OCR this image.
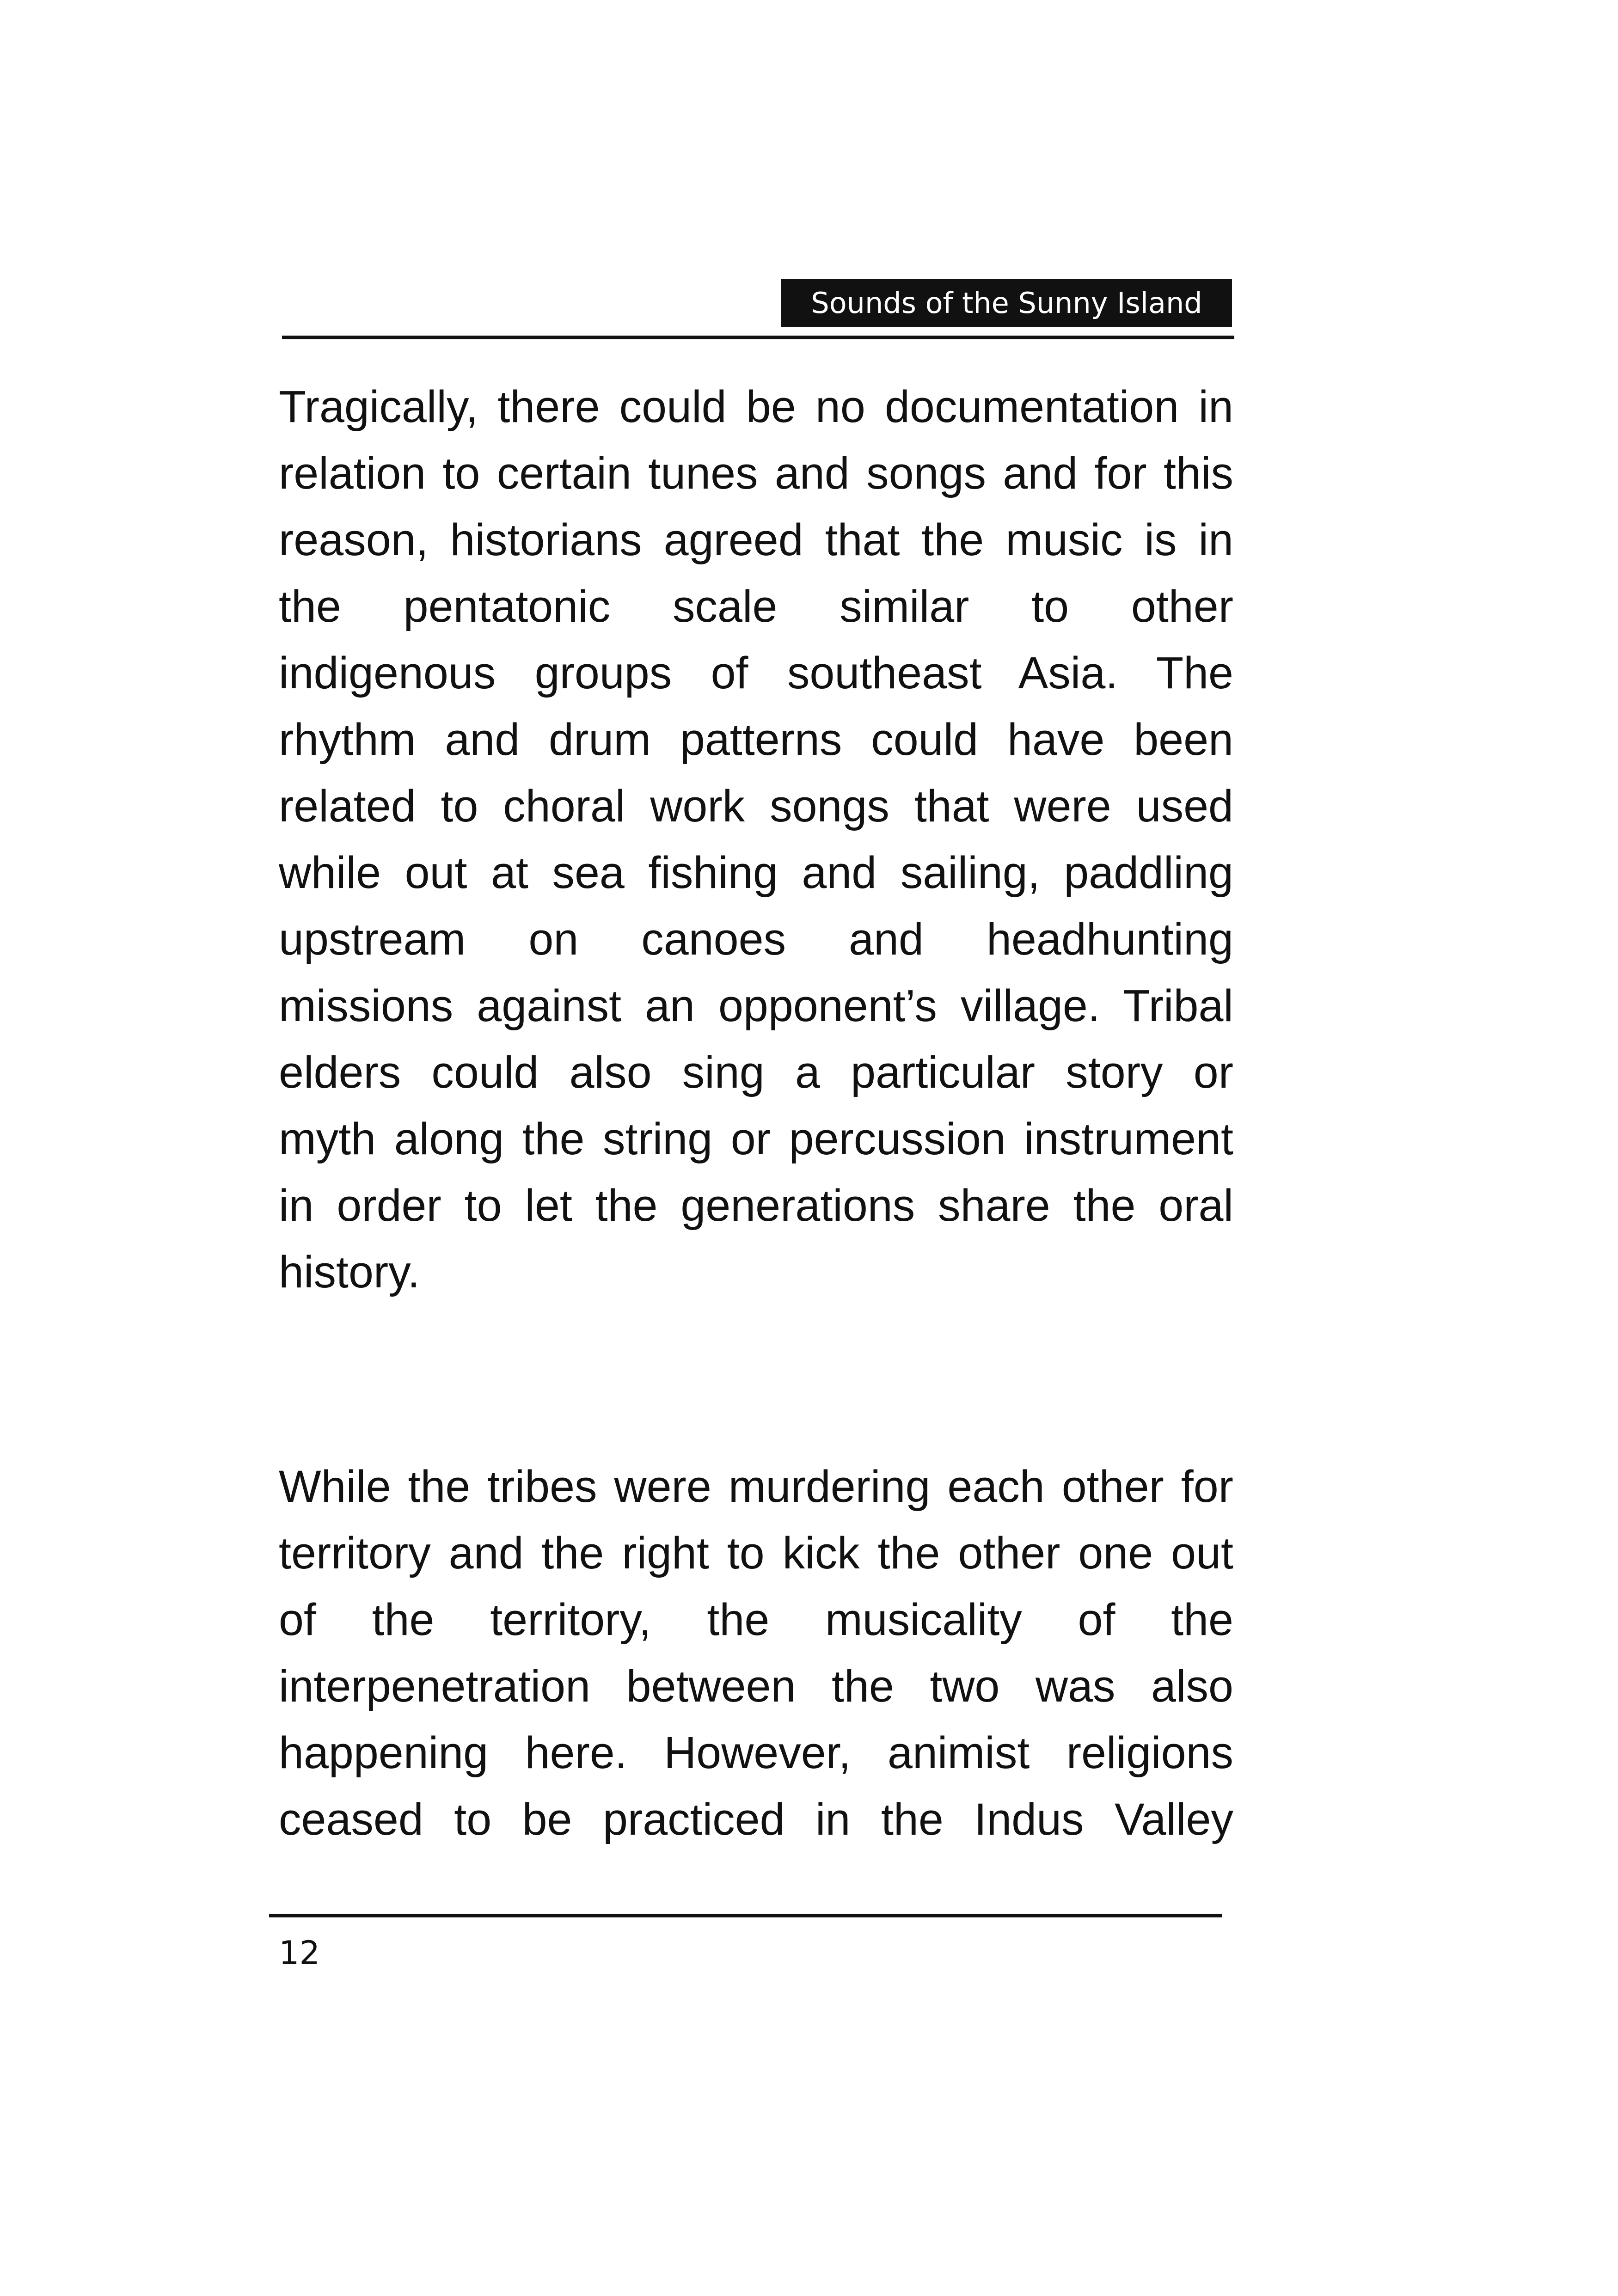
Sounds of the Sunny Island
Tragically, there could be no documentation in
relation to certain tunes and songs and for this
reason, historians agreed that the music is in
the pentatonic scale similar to other
indigenous groups of southeast Asia. The
rhythm and drum patterns could have been
related to choral work songs that were used
while out at sea fishing and sailing, paddling
upstream on canoes and headhunting
missions against an opponent’s village. Tribal
elders could also sing a particular story or
myth along the string or percussion instrument
in order to let the generations share the oral
history.
While the tribes were murdering each other for
territory and the right to kick the other one out
of the territory, the musicality of the
interpenetration between the two was also
happening here. However, animist religions
ceased to be practiced in the Indus Valley
12
